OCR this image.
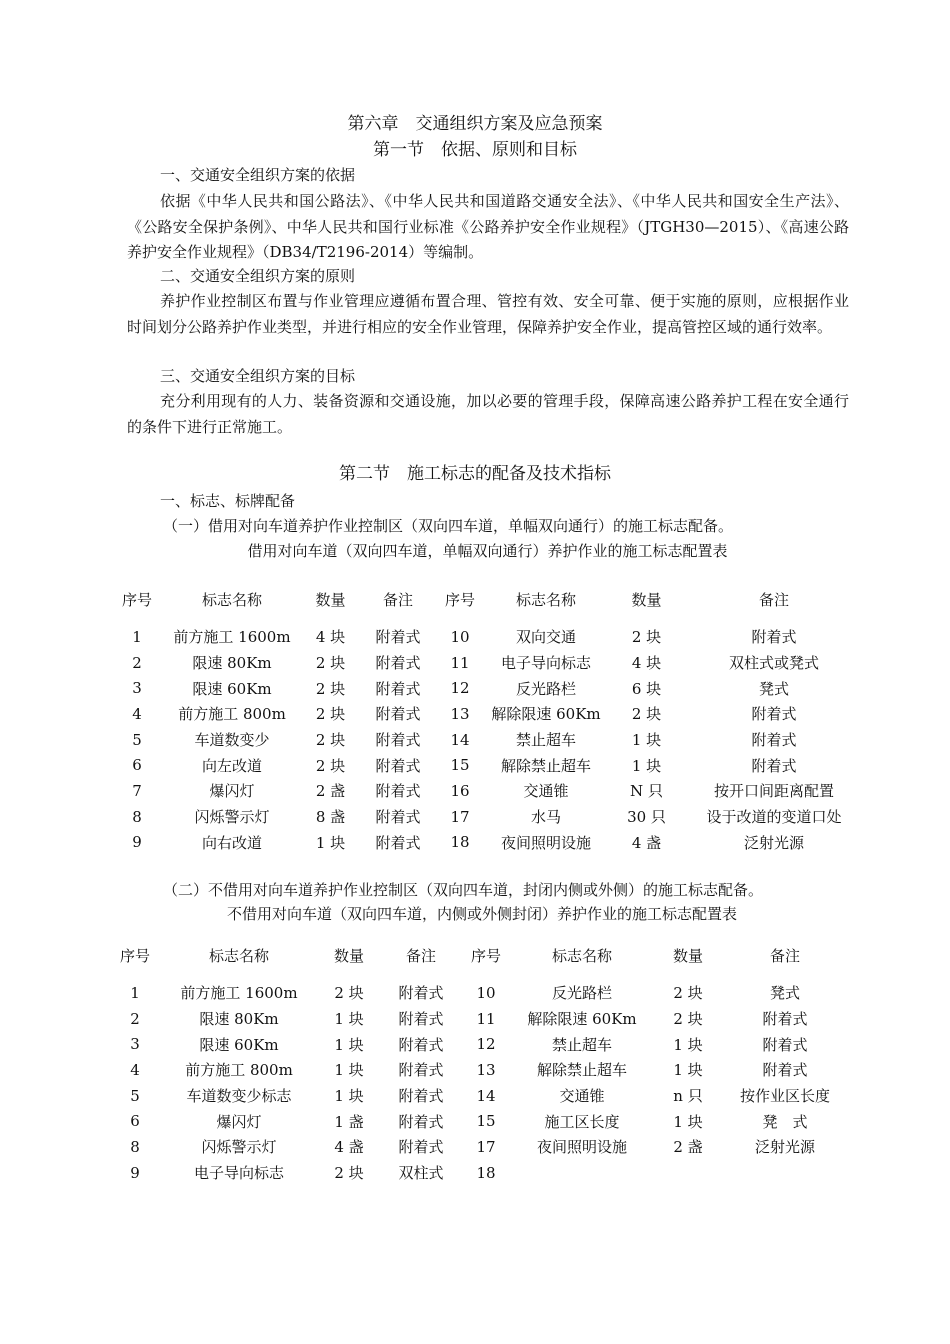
第六章　交通组织方案及应急预案
第一节　依据、原则和目标
一、交通安全组织方案的依据
依据《中华人民共和国公路法》、《中华人民共和国道路交通安全法》、《中华人民共和国安全生产法》、《公路安全保护条例》、中华人民共和国行业标准《公路养护安全作业规程》（JTGH30—2015）、《高速公路养护安全作业规程》（DB34/T2196-2014）等编制。
二、交通安全组织方案的原则
养护作业控制区布置与作业管理应遵循布置合理、管控有效、安全可靠、便于实施的原则，应根据作业时间划分公路养护作业类型，并进行相应的安全作业管理，保障养护安全作业，提高管控区域的通行效率。
三、交通安全组织方案的目标
充分利用现有的人力、装备资源和交通设施，加以必要的管理手段，保障高速公路养护工程在安全通行的条件下进行正常施工。
第二节　施工标志的配备及技术指标
一、标志、标牌配备
（一）借用对向车道养护作业控制区（双向四车道，单幅双向通行）的施工标志配备。
借用对向车道（双向四车道，单幅双向通行）养护作业的施工标志配置表
序号	标志名称	数量	备注	序号	标志名称	数量	备注

1	前方施工 1600m	4 块	附着式	10	双向交通	2 块	附着式
2	限速 80Km	2 块	附着式	11	电子导向标志	4 块	双柱式或凳式
3	限速 60Km	2 块	附着式	12	反光路栏	6 块	凳式
4	前方施工 800m	2 块	附着式	13	解除限速 60Km	2 块	附着式
5	车道数变少	2 块	附着式	14	禁止超车	1 块	附着式
6	向左改道	2 块	附着式	15	解除禁止超车	1 块	附着式
7	爆闪灯	2 盏	附着式	16	交通锥	N 只	按开口间距离配置
8	闪烁警示灯	8 盏	附着式	17	水马	30 只	设于改道的变道口处
9	向右改道	1 块	附着式	18	夜间照明设施	4 盏	泛射光源
（二）不借用对向车道养护作业控制区（双向四车道，封闭内侧或外侧）的施工标志配备。
不借用对向车道（双向四车道，内侧或外侧封闭）养护作业的施工标志配置表
序号	标志名称	数量	备注	序号	标志名称	数量	备注

1	前方施工 1600m	2 块	附着式	10	反光路栏	2 块	凳式
2	限速 80Km	1 块	附着式	11	解除限速 60Km	2 块	附着式
3	限速 60Km	1 块	附着式	12	禁止超车	1 块	附着式
4	前方施工 800m	1 块	附着式	13	解除禁止超车	1 块	附着式
5	车道数变少标志	1 块	附着式	14	交通锥	n 只	按作业区长度
6	爆闪灯	1 盏	附着式	15	施工区长度	1 块	凳　式
8	闪烁警示灯	4 盏	附着式	17	夜间照明设施	2 盏	泛射光源
9	电子导向标志	2 块	双柱式	18			
